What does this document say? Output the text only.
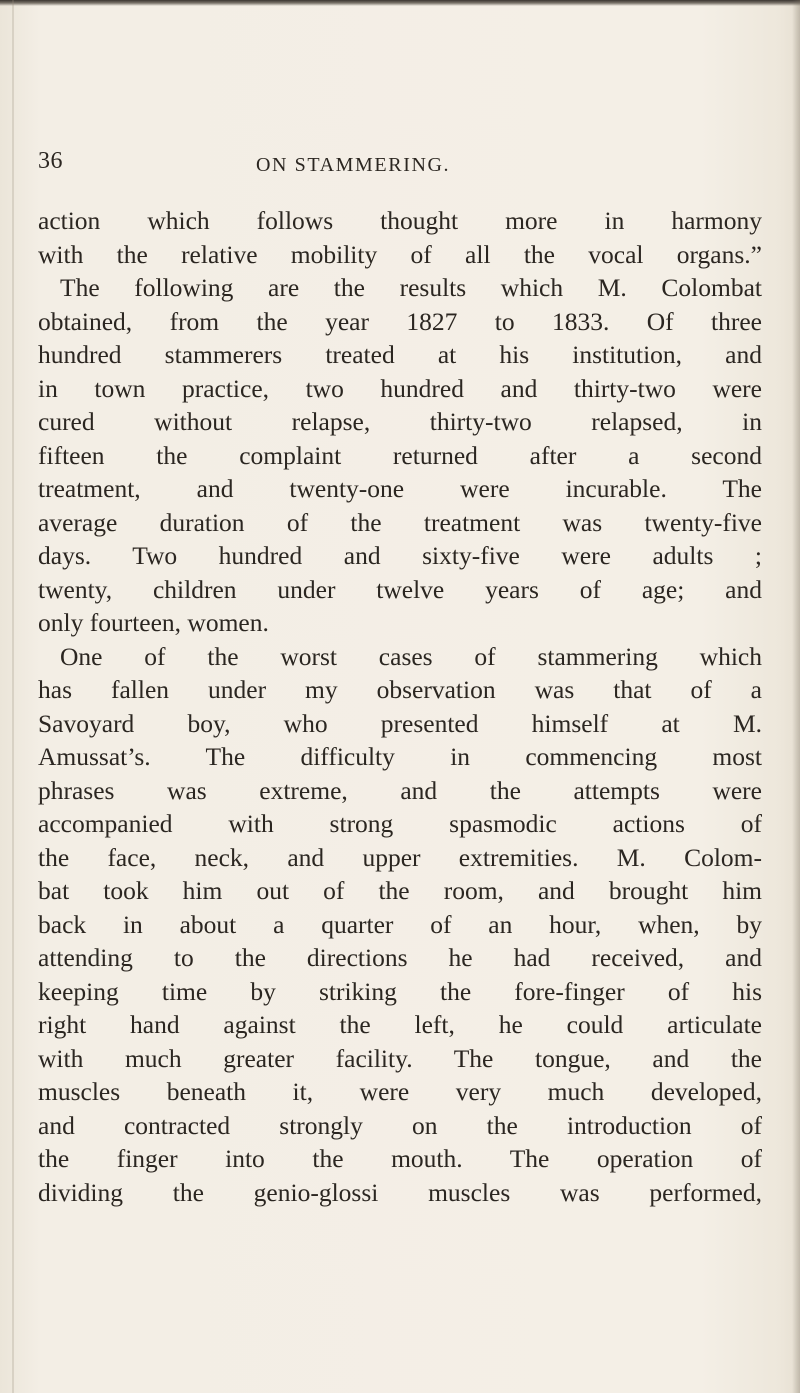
36	ON STAMMERING.
action which follows thought more in harmony
with the relative mobility of all the vocal organs.”
The following are the results which M. Colombat
obtained, from the year 1827 to 1833. Of three
hundred stammerers treated at his institution, and
in town practice, two hundred and thirty-two were
cured without relapse, thirty-two relapsed, in
fifteen the complaint returned after a second
treatment, and twenty-one were incurable. The
average duration of the treatment was twenty-five
days. Two hundred and sixty-five were adults ;
twenty, children under twelve years of age; and
only fourteen, women.
One of the worst cases of stammering which
has fallen under my observation was that of a
Savoyard boy, who presented himself at M.
Amussat’s. The difficulty in commencing most
phrases was extreme, and the attempts were
accompanied with strong spasmodic actions of
the face, neck, and upper extremities. M. Colom-
bat took him out of the room, and brought him
back in about a quarter of an hour, when, by
attending to the directions he had received, and
keeping time by striking the fore-finger of his
right hand against the left, he could articulate
with much greater facility. The tongue, and the
muscles beneath it, were very much developed,
and contracted strongly on the introduction of
the finger into the mouth. The operation of
dividing the genio-glossi muscles was performed,
